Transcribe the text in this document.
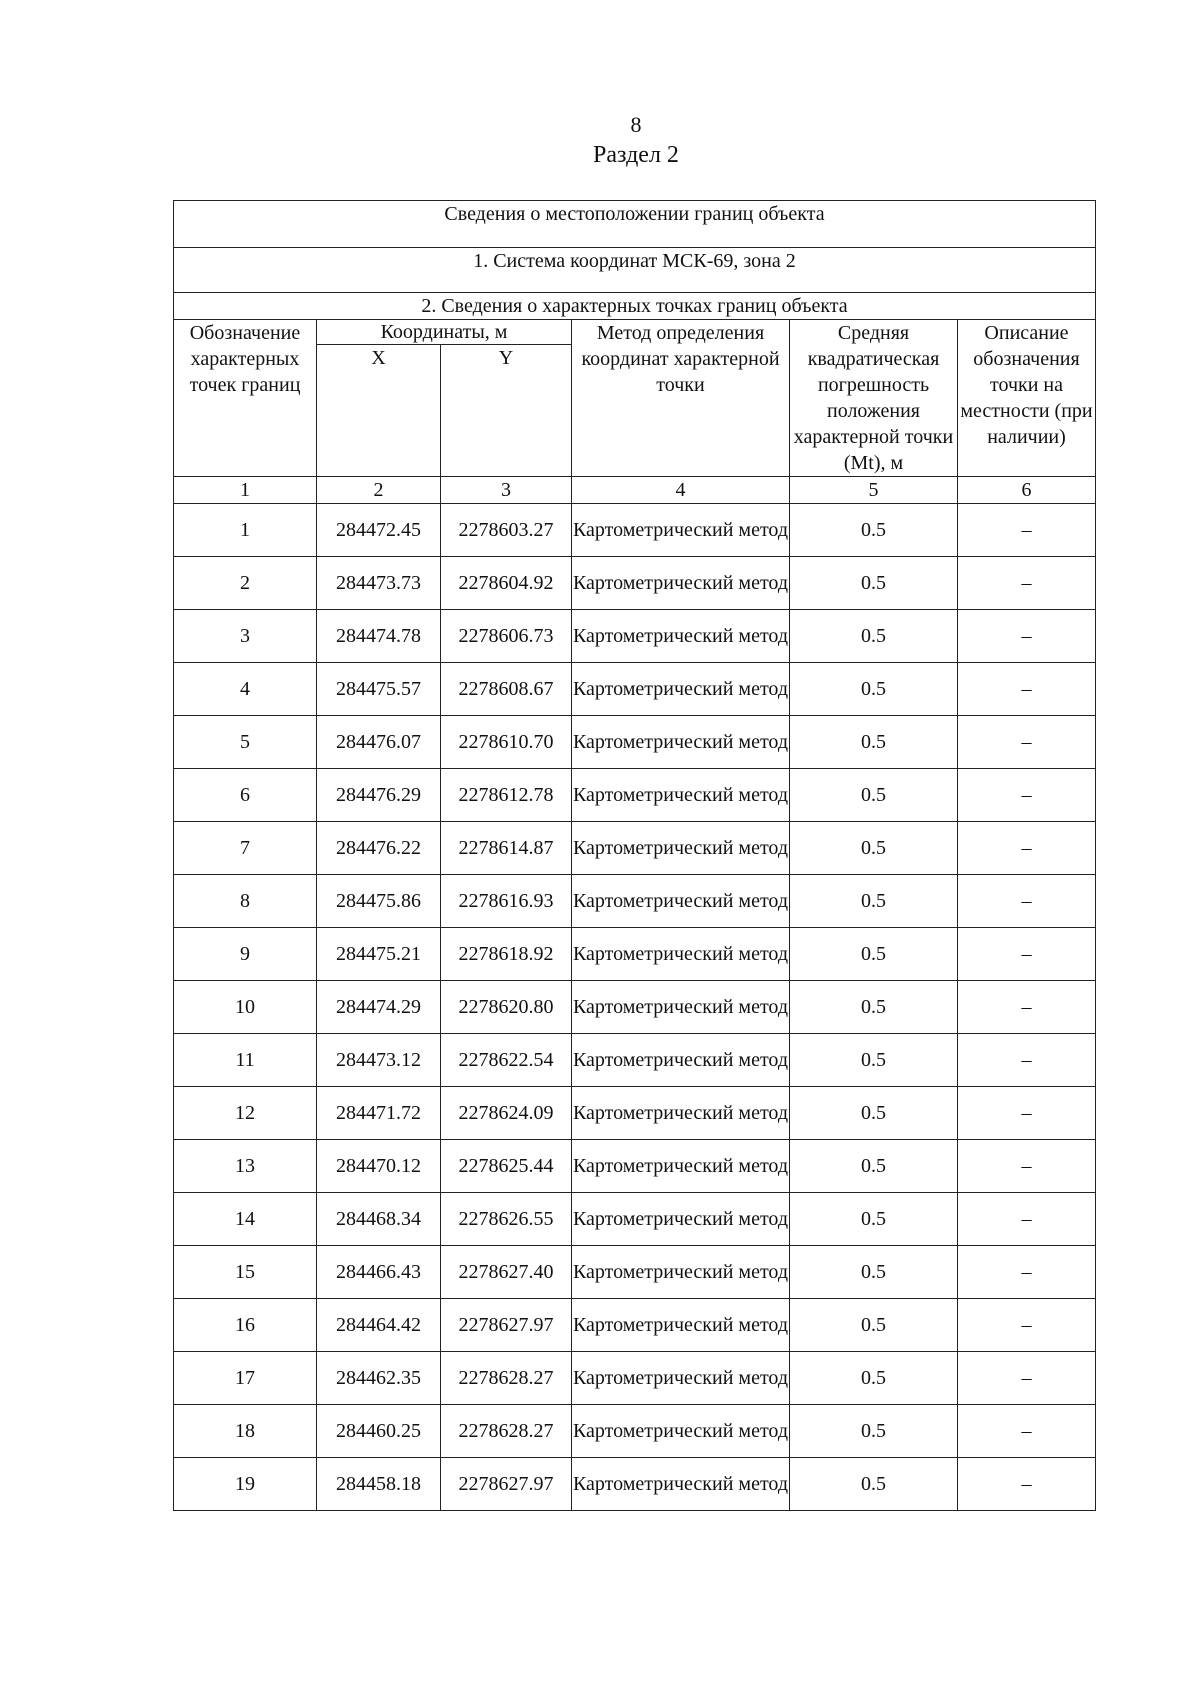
8
Раздел 2
Сведения о местоположении границ объекта					
1. Система координат МСК-69, зона 2					
2. Сведения о характерных точках границ объекта					
Обозначение характерных точек границ	Координаты, м		Метод определения координат характерной точки	Средняя квадратическая погрешность положения характерной точки (Mt), м	Описание обозначения точки на местности (при наличии)
	X	Y			
1	2	3	4	5	6
1	284472.45	2278603.27	Картометрический метод	0.5	–
2	284473.73	2278604.92	Картометрический метод	0.5	–
3	284474.78	2278606.73	Картометрический метод	0.5	–
4	284475.57	2278608.67	Картометрический метод	0.5	–
5	284476.07	2278610.70	Картометрический метод	0.5	–
6	284476.29	2278612.78	Картометрический метод	0.5	–
7	284476.22	2278614.87	Картометрический метод	0.5	–
8	284475.86	2278616.93	Картометрический метод	0.5	–
9	284475.21	2278618.92	Картометрический метод	0.5	–
10	284474.29	2278620.80	Картометрический метод	0.5	–
11	284473.12	2278622.54	Картометрический метод	0.5	–
12	284471.72	2278624.09	Картометрический метод	0.5	–
13	284470.12	2278625.44	Картометрический метод	0.5	–
14	284468.34	2278626.55	Картометрический метод	0.5	–
15	284466.43	2278627.40	Картометрический метод	0.5	–
16	284464.42	2278627.97	Картометрический метод	0.5	–
17	284462.35	2278628.27	Картометрический метод	0.5	–
18	284460.25	2278628.27	Картометрический метод	0.5	–
19	284458.18	2278627.97	Картометрический метод	0.5	–
